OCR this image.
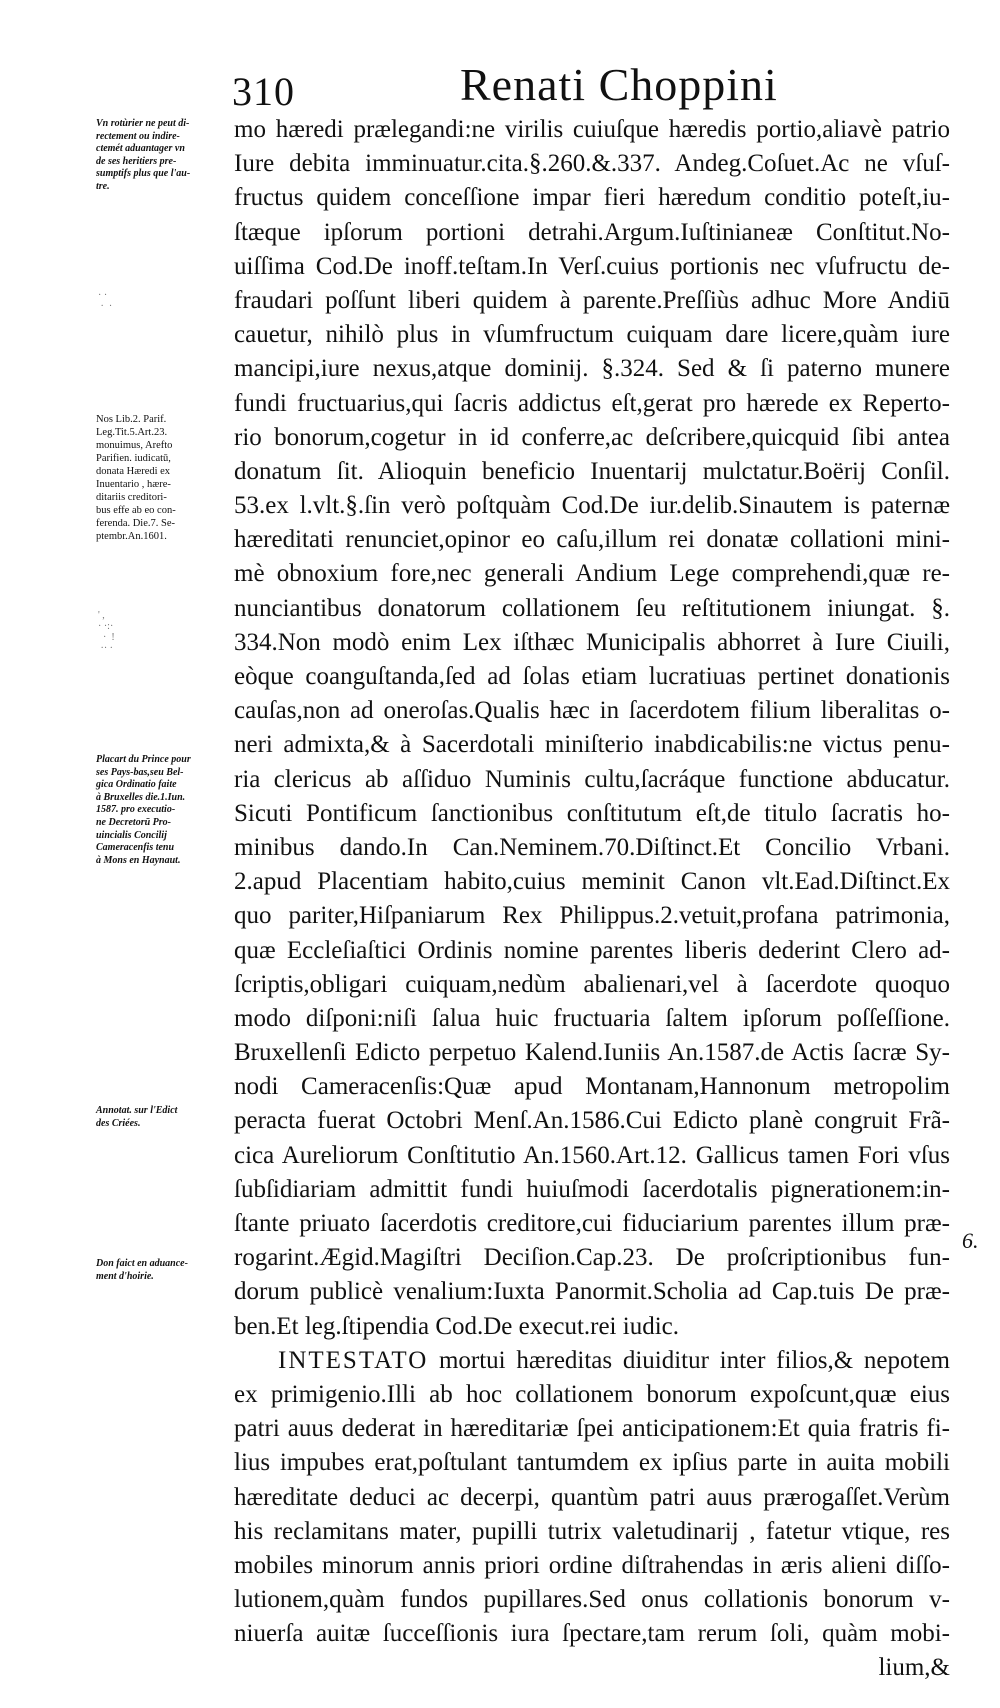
310	Renati Choppini
Vn rotùrier ne peut di-
rectement ou indire-
ctemét aduantager vn
de ses heritiers pre-
sumptifs plus que l'au-
tre.
Nos Lib.2. Parif.
Leg.Tit.5.Art.23.
monuimus, Arefto
Parifien. iudicatū,
donata Hæredi ex
Inuentario , hære-
ditariis creditori-
bus effe ab eo con-
ferenda. Die.7. Se-
ptembr.An.1601.
Placart du Prince pour
ses Pays-bas,seu Bel-
gica Ordinatio faite
à Bruxelles die.1.Iun.
1587. pro executio-
ne Decretorū Pro-
uincialis Concilij
Cameracenfis tenu
à Mons en Haynaut.
Annotat. sur l'Edict
des Criées.
Don faict en aduance-
ment d'hoirie.
6.
· ·
·  ·
' ,
· ·:·
·  !
·· ·
mo hæredi prælegandi:ne virilis cuiuſque hæredis portio,aliavè patrio
Iure debita imminuatur.cita.§.260.&.337. Andeg.Coſuet.Ac ne vſuſ-
fructus quidem conceſſione impar fieri hæredum conditio poteſt,iu-
ſtæque ipſorum portioni detrahi.Argum.Iuſtinianeæ Conſtitut.No-
uiſſima Cod.De inoff.teſtam.In Verſ.cuius portionis nec vſufructu de-
fraudari poſſunt liberi quidem à parente.Preſſiùs adhuc More Andiū
cauetur, nihilò plus in vſumfructum cuiquam dare licere,quàm iure
mancipi,iure nexus,atque dominij. §.324. Sed & ſi paterno munere
fundi fructuarius,qui ſacris addictus eſt,gerat pro hærede ex Reperto-
rio bonorum,cogetur in id conferre,ac deſcribere,quicquid ſibi antea
donatum ſit. Alioquin beneficio Inuentarij mulctatur.Boërij Conſil.
53.ex l.vlt.§.ſin verò poſtquàm Cod.De iur.delib.Sinautem is paternæ
hæreditati renunciet,opinor eo caſu,illum rei donatæ collationi mini-
mè obnoxium fore,nec generali Andium Lege comprehendi,quæ re-
nunciantibus donatorum collationem ſeu reſtitutionem iniungat. §.
334.Non modò enim Lex iſthæc Municipalis abhorret à Iure Ciuili,
eòque coanguſtanda,ſed ad ſolas etiam lucratiuas pertinet donationis
cauſas,non ad oneroſas.Qualis hæc in ſacerdotem filium liberalitas o-
neri admixta,& à Sacerdotali miniſterio inabdicabilis:ne victus penu-
ria clericus ab aſſiduo Numinis cultu,ſacráque functione abducatur.
Sicuti Pontificum ſanctionibus conſtitutum eſt,de titulo ſacratis ho-
minibus dando.In Can.Neminem.70.Diſtinct.Et Concilio Vrbani.
2.apud Placentiam habito,cuius meminit Canon vlt.Ead.Diſtinct.Ex
quo pariter,Hiſpaniarum Rex Philippus.2.vetuit,profana patrimonia,
quæ Eccleſiaſtici Ordinis nomine parentes liberis dederint Clero ad-
ſcriptis,obligari cuiquam,nedùm abalienari,vel à ſacerdote quoquo
modo diſponi:niſi ſalua huic fructuaria ſaltem ipſorum poſſeſſione.
Bruxellenſi Edicto perpetuo Kalend.Iuniis An.1587.de Actis ſacræ Sy-
nodi Cameracenſis:Quæ apud Montanam,Hannonum metropolim
peracta fuerat Octobri Menſ.An.1586.Cui Edicto planè congruit Frã-
cica Aureliorum Conſtitutio An.1560.Art.12. Gallicus tamen Fori vſus
ſubſidiariam admittit fundi huiuſmodi ſacerdotalis pignerationem:in-
ſtante priuato ſacerdotis creditore,cui fiduciarium parentes illum præ-
rogarint.Ægid.Magiſtri Deciſion.Cap.23. De proſcriptionibus fun-
dorum publicè venalium:Iuxta Panormit.Scholia ad Cap.tuis De præ-
ben.Et leg.ſtipendia Cod.De execut.rei iudic.
INTESTATO mortui hæreditas diuiditur inter filios,& nepotem
ex primigenio.Illi ab hoc collationem bonorum expoſcunt,quæ eius
patri auus dederat in hæreditariæ ſpei anticipationem:Et quia fratris fi-
lius impubes erat,poſtulant tantumdem ex ipſius parte in auita mobili
hæreditate deduci ac decerpi, quantùm patri auus prærogaſſet.Verùm
his reclamitans mater, pupilli tutrix valetudinarij , fatetur vtique, res
mobiles minorum annis priori ordine diſtrahendas in æris alieni diſſo-
lutionem,quàm fundos pupillares.Sed onus collationis bonorum v-
niuerſa auitæ ſucceſſionis iura ſpectare,tam rerum ſoli, quàm mobi-
lium,&
